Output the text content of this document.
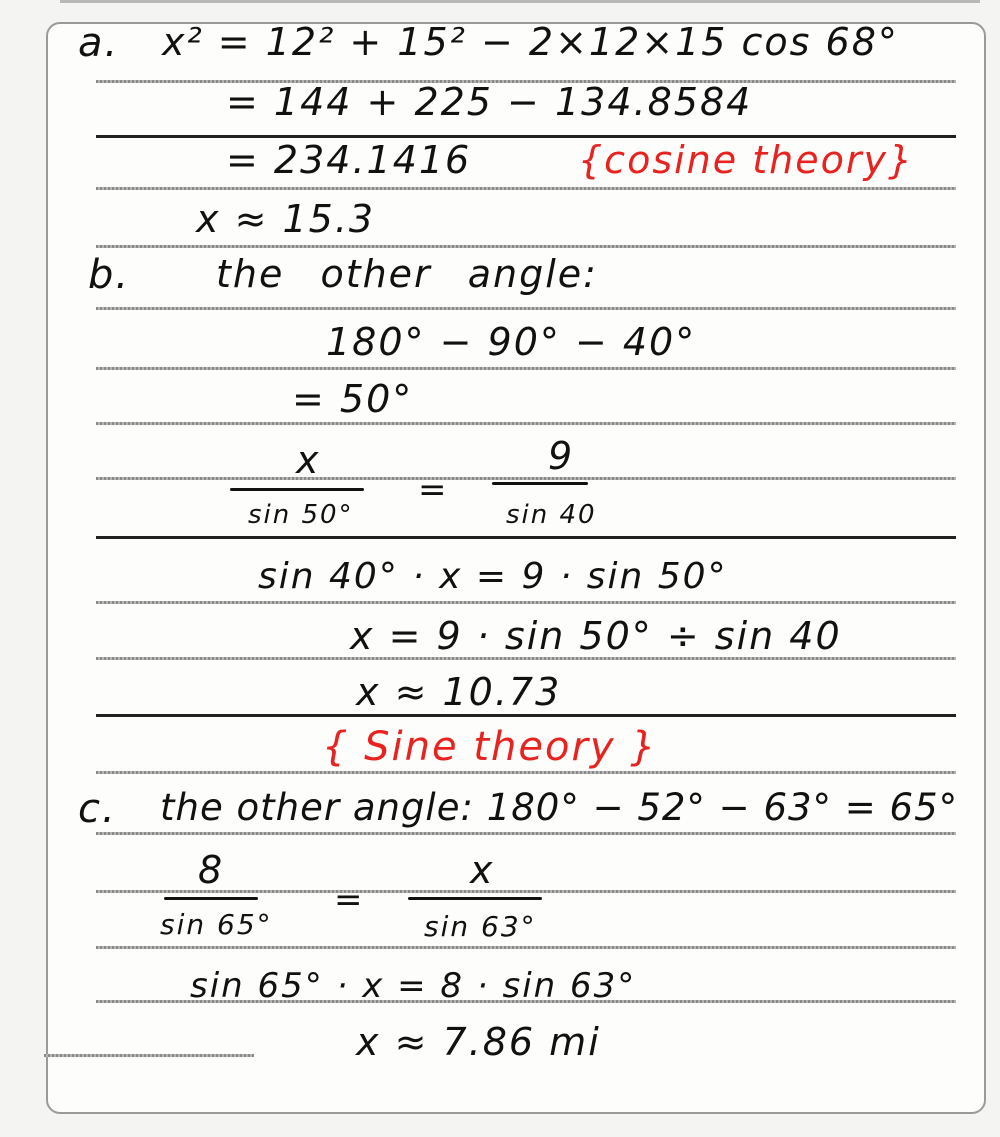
a. x² = 12² + 15² − 2×12×15 cos 68°
= 144 + 225 − 134.8584
= 234.1416	{cosine theory}
x ≈ 15.3
b. the other angle:
180° − 90° − 40°
= 50°
x
sin 50°
=
9
sin 40
sin 40° · x = 9 · sin 50°
x = 9 · sin 50° ÷ sin 40
x ≈ 10.73
{ Sine theory }
c. the other angle: 180° − 52° − 63° = 65°
8
sin 65°
=
x
sin 63°
sin 65° · x = 8 · sin 63°
x ≈ 7.86 mi
